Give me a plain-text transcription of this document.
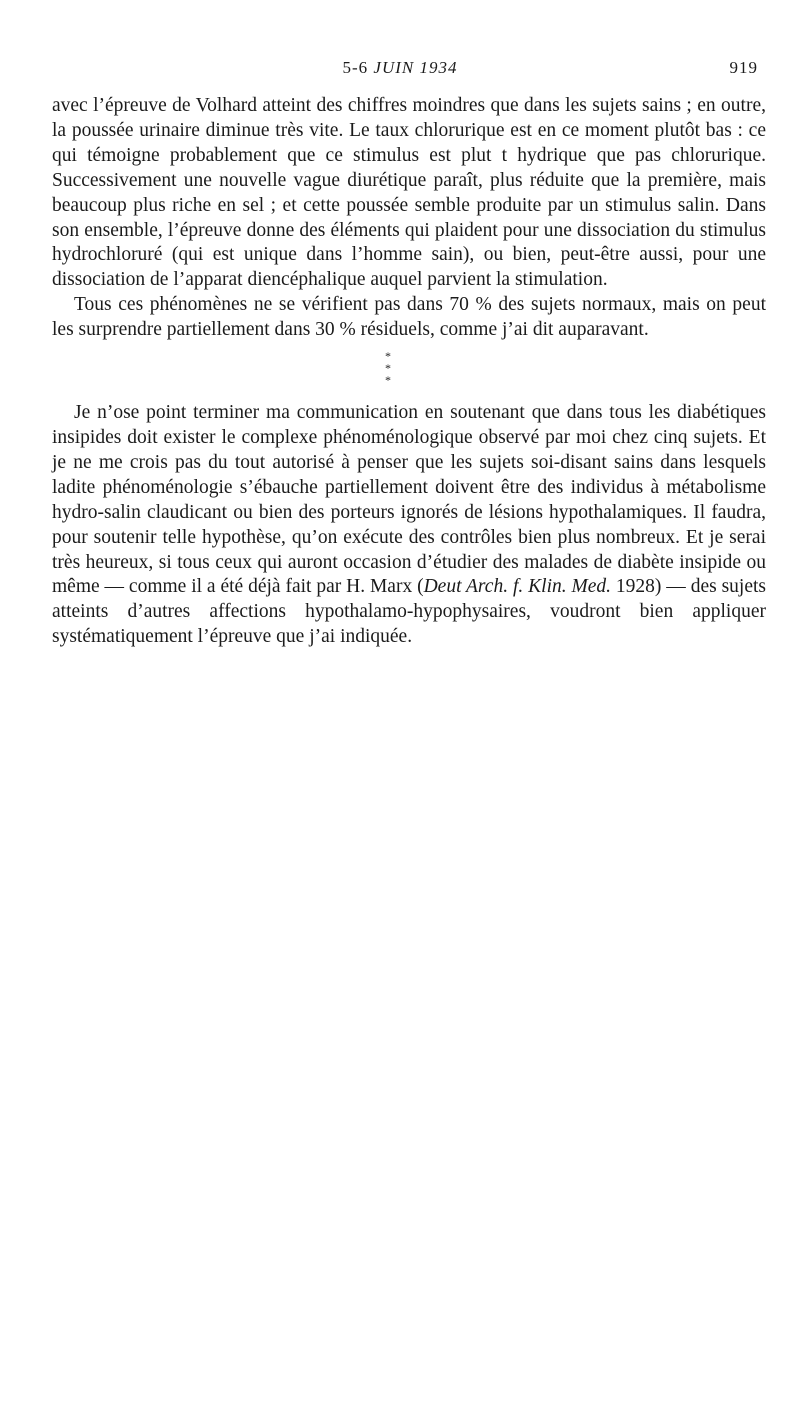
5-6 JUIN 1934	919

avec l’épreuve de Volhard atteint des chiffres moindres que dans les sujets sains ; en outre, la poussée urinaire diminue très vite. Le taux chlorurique est en ce moment plutôt bas : ce qui témoigne probablement que ce stimulus est plut t hydrique que pas chlorurique. Successivement une nouvelle vague diurétique paraît, plus réduite que la première, mais beaucoup plus riche en sel ; et cette poussée semble produite par un stimulus salin. Dans son ensemble, l’épreuve donne des éléments qui plaident pour une dissociation du stimulus hydrochloruré (qui est unique dans l’homme sain), ou bien, peut-être aussi, pour une dissociation de l’apparat diencéphalique auquel parvient la stimulation.

Tous ces phénomènes ne se vérifient pas dans 70 % des sujets normaux, mais on peut les surprendre partiellement dans 30 % résiduels, comme j’ai dit auparavant.

*
* *

Je n’ose point terminer ma communication en soutenant que dans tous les diabétiques insipides doit exister le complexe phénoménologique observé par moi chez cinq sujets. Et je ne me crois pas du tout autorisé à penser que les sujets soi-disant sains dans lesquels ladite phénoménologie s’ébauche partiellement doivent être des individus à métabolisme hydro-salin claudicant ou bien des porteurs ignorés de lésions hypothalamiques. Il faudra, pour soutenir telle hypothèse, qu’on exécute des contrôles bien plus nombreux. Et je serai très heureux, si tous ceux qui auront occasion d’étudier des malades de diabète insipide ou même — comme il a été déjà fait par H. Marx (Deut Arch. f. Klin. Med. 1928) — des sujets atteints d’autres affections hypothalamo-hypophysaires, voudront bien appliquer systématiquement l’épreuve que j’ai indiquée.
